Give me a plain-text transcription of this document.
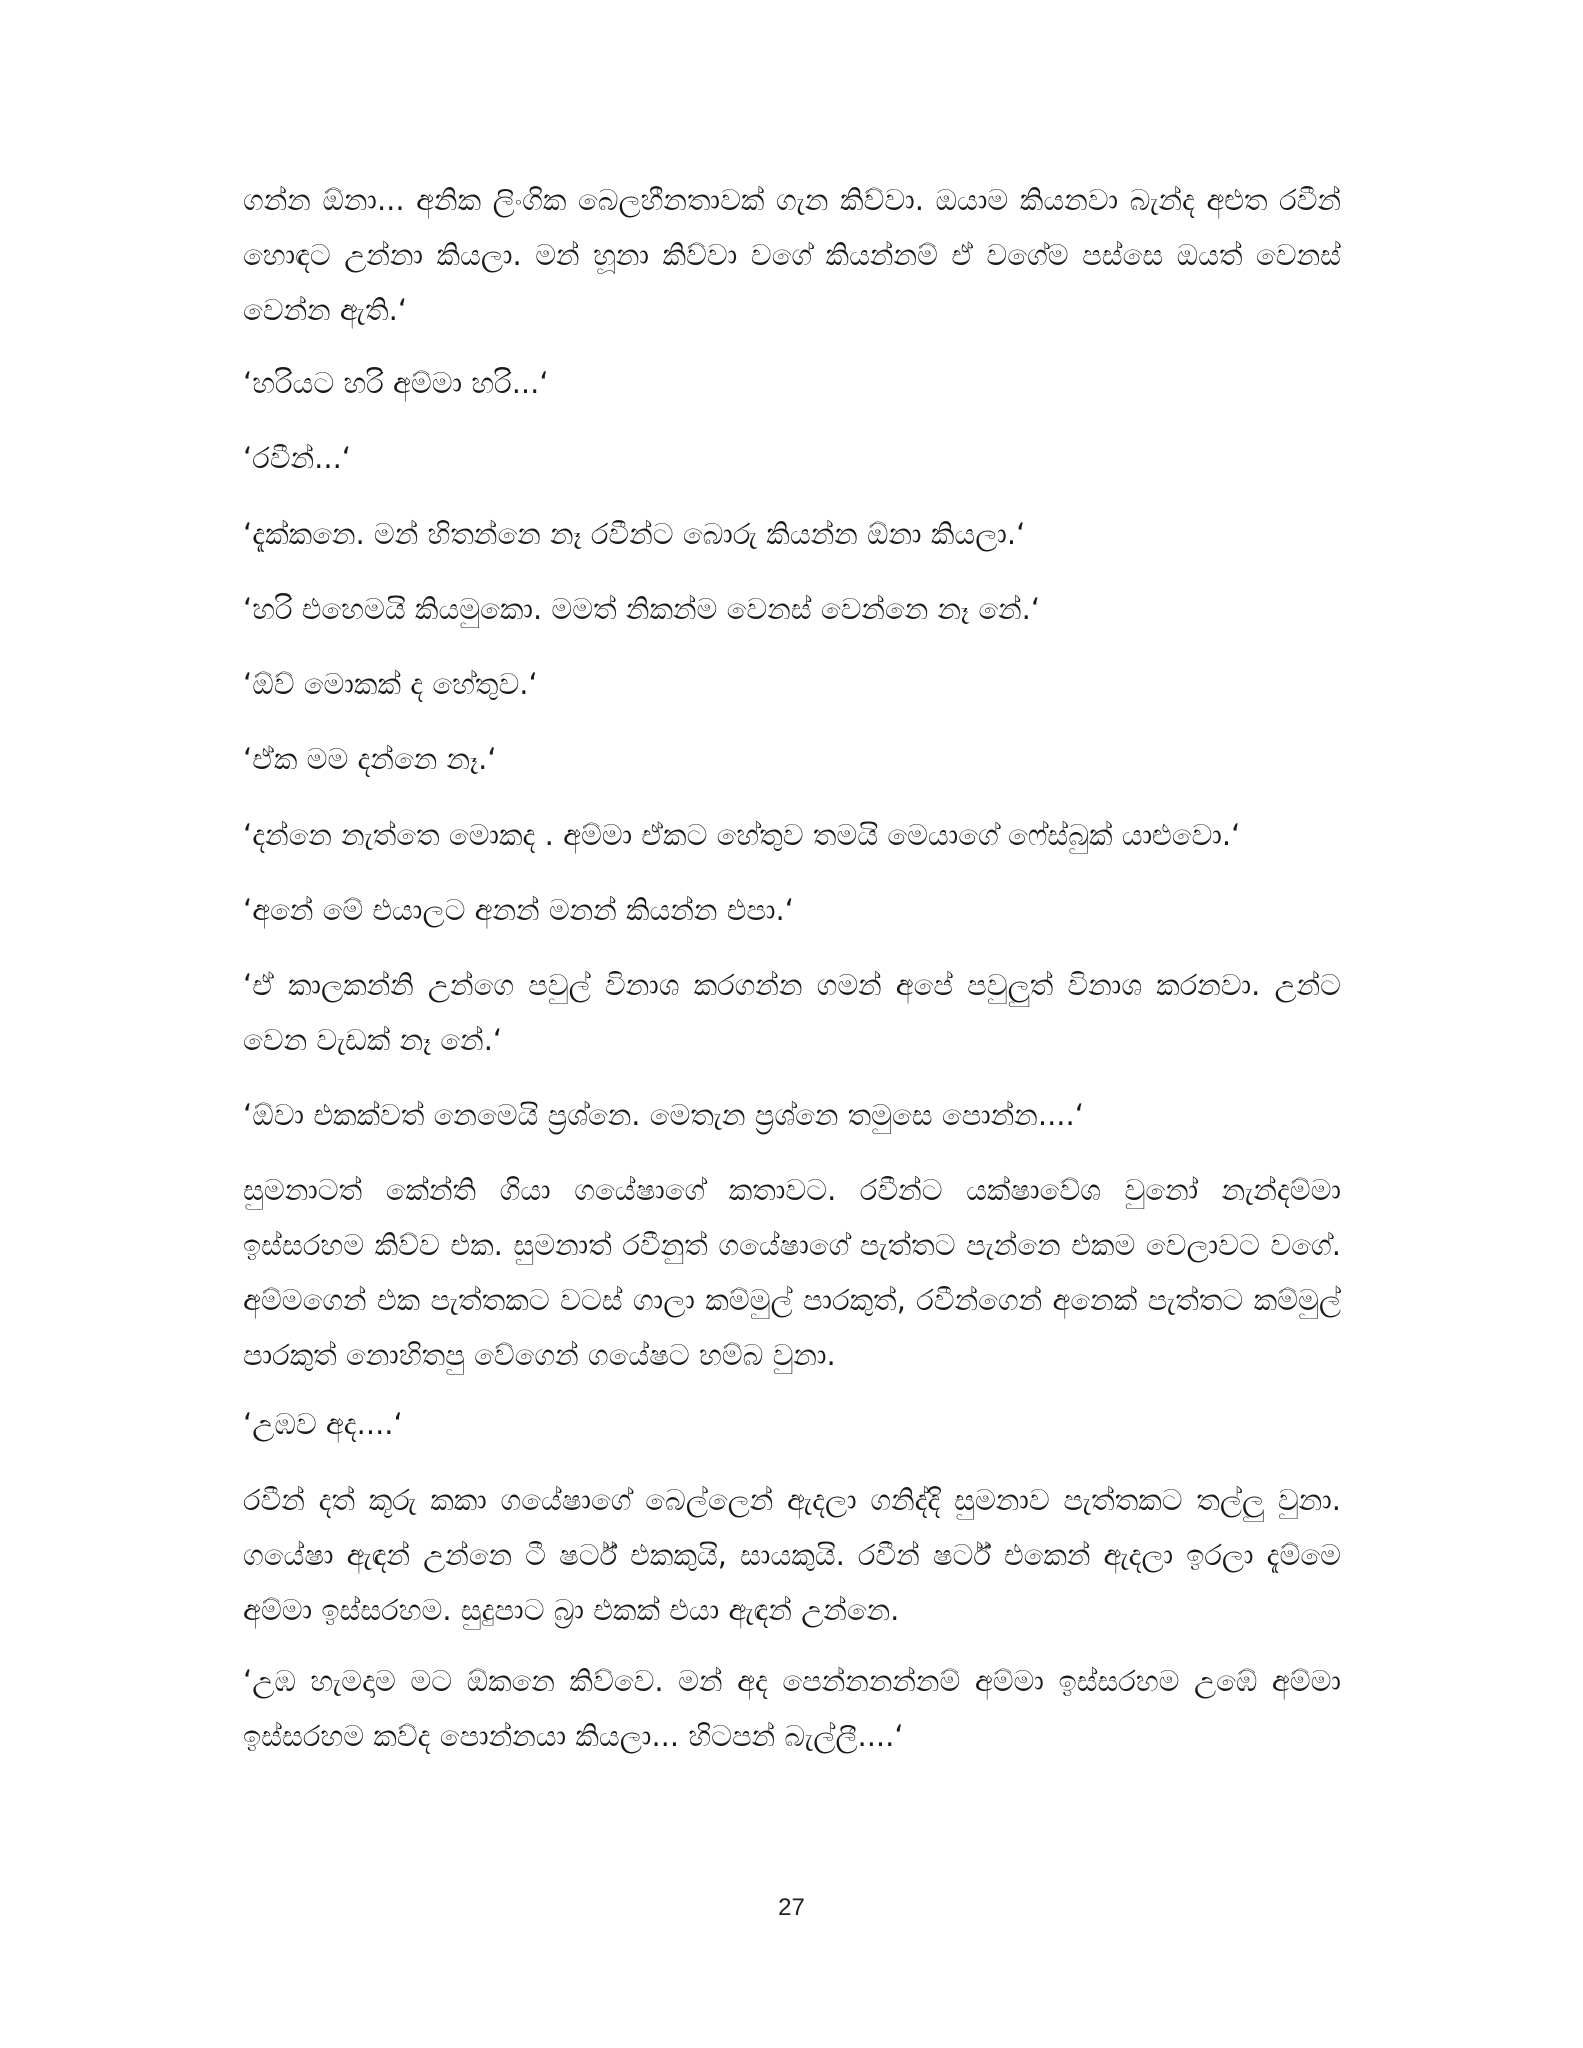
ගන්න ඕනා... අනික ලිංගික බෙලහීනතාවක් ගැන කිව්වා. ඔයාම කියනවා බැන්ද අළුත රවීන් හොඳට උන්නා කියලා. මන් හූනා කිව්වා වගේ කියන්නම් ඒ වගේම පස්සෙ ඔයත් වෙනස් වෙන්න ඇති.‘

‘හරියට හරි අම්මා හරි...‘

‘රවීන්...‘

‘දැක්කනෙ. මන් හිතන්නෙ නෑ රවීන්ට බොරු කියන්න ඕනා කියලා.‘

‘හරි එහෙමයි කියමුකො. මමත් නිකන්ම වෙනස් වෙන්නෙ නෑ නේ.‘

‘ඕව් මොකක් ද හේතුව.‘

‘ඒක මම දන්නෙ නෑ.‘

‘දන්නෙ නැත්තෙ මොකද . අම්මා ඒකට හේතුව තමයි මෙයාගේ ෆේස්බුක් යාළුවො.‘

‘අනේ මේ එයාලට අනන් මනන් කියන්න එපා.‘

‘ඒ කාලකන්නි උන්ගෙ පවුල් විනාශ කරගන්න ගමන් අපේ පවුලුත් විනාශ කරනවා. උන්ට වෙන වැඩක් නෑ නේ.‘

‘ඕවා එකක්වත් නෙමෙයි ප්‍රශ්නෙ. මෙතැන ප්‍රශ්නෙ තමුසෙ පොන්න....‘

සුමනාටත් කේන්ති ගියා ගයේෂාගේ කතාවට. රවීන්ට යක්ෂාවේශ වුනෝ නැන්දම්මා ඉස්සරහම කිව්ව එක. සුමනාත් රවීනුත් ගයේෂාගේ පැත්තට පැන්නෙ එකම වෙලාවට වගේ. අම්මගෙන් එක පැත්තකට වටස් ගාලා කම්මුල් පාරකුත්, රවීන්ගෙන් අනෙක් පැත්තට කම්මුල් පාරකුත් නොහිතපු වේගෙන් ගයේෂට හම්බ වුනා.

‘උඹව අද....‘

රවීන් දත් කූරු කකා ගයේෂාගේ බෙල්ලෙන් ඇදලා ගනිද්දි සුමනාව පැත්තකට තල්ලු වුනා. ගයේෂා ඇඳන් උන්නෙ ටී ෂර්ට් එකකුයි, සායකුයි. රවීන් ෂර්ට් එකෙන් ඇදලා ඉරලා දැම්මෙ අම්මා ඉස්සරහම. සුදුපාට බ්‍රා එකක් එයා ඇඳන් උන්නෙ.

‘උඹ හැමදාම මට ඕකනෙ කිව්වෙ. මන් අද පෙන්නනන්නම් අම්මා ඉස්සරහම උඹේ අම්මා ඉස්සරහම කව්ද පොන්නයා කියලා... හිටපන් බැල්ලී....‘

27
